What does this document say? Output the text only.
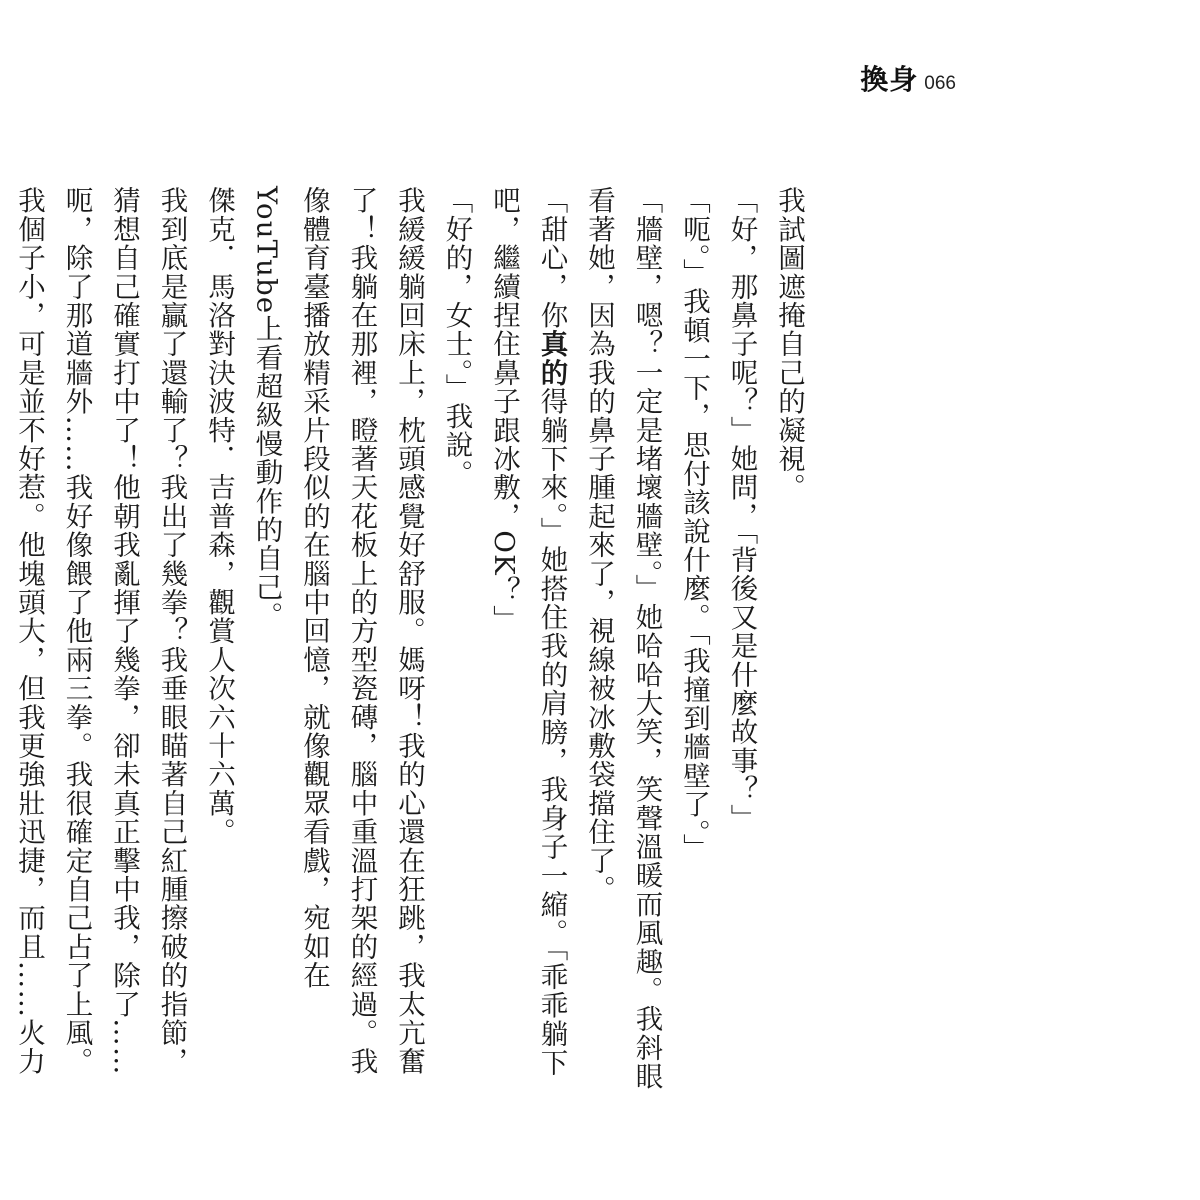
換身 066

我試圖遮掩自己的凝視。

「好，那鼻子呢？」她問，「背後又是什麼故事？」

「呃。」我頓一下，思付該說什麼。「我撞到牆壁了。」

「牆壁，嗯？一定是堵壞牆壁。」她哈哈大笑，笑聲溫暖而風趣。我斜眼看著她，因為我的鼻子腫起來了，視線被冰敷袋擋住了。

「甜心，你真的得躺下來。」她搭住我的肩膀，我身子一縮。「乖乖躺下吧，繼續捏住鼻子跟冰敷，OK？」

「好的，女士。」我說。

我緩緩躺回床上，枕頭感覺好舒服。媽呀！我的心還在狂跳，我太亢奮了！我躺在那裡，瞪著天花板上的方型瓷磚，腦中重溫打架的經過。我像體育臺播放精采片段似的在腦中回憶，就像觀眾看戲，宛如在YouTube上看超級慢動作的自己。

傑克．馬洛對決波特．吉普森，觀賞人次六十六萬。

我到底是贏了還輸了？我出了幾拳？我垂眼瞄著自己紅腫擦破的指節，猜想自己確實打中了！他朝我亂揮了幾拳，卻未真正擊中我，除了……呃，除了那道牆外……我好像餵了他兩三拳。我很確定自己占了上風。我個子小，可是並不好惹。他塊頭大，但我更強壯迅捷，而且……火力
